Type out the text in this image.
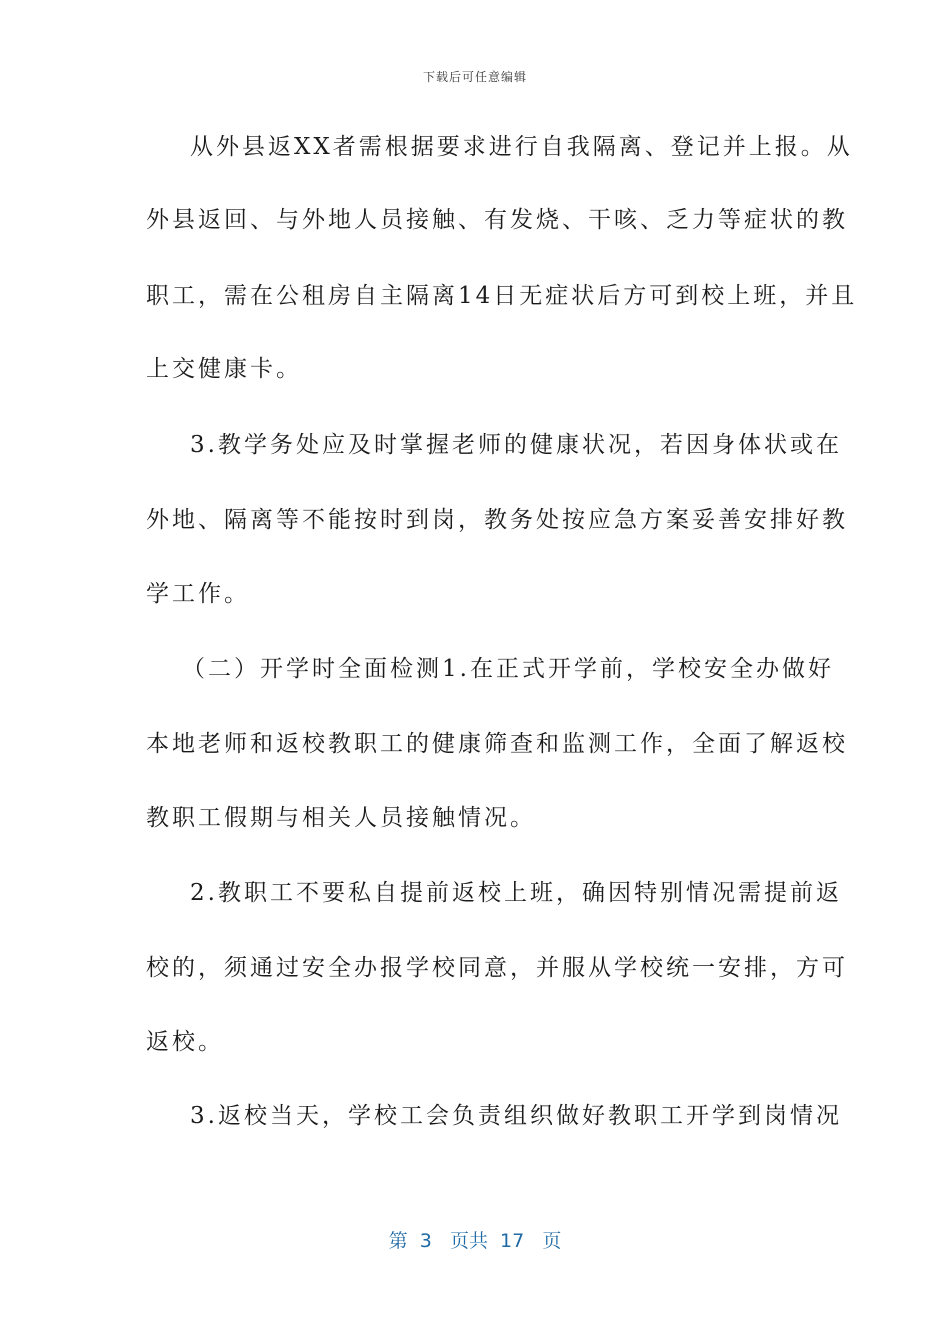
下载后可任意编辑
从外县返XX者需根据要求进行自我隔离、登记并上报。从
外县返回、与外地人员接触、有发烧、干咳、乏力等症状的教
职工，需在公租房自主隔离14日无症状后方可到校上班，并且
上交健康卡。
3.教学务处应及时掌握老师的健康状况，若因身体状或在
外地、隔离等不能按时到岗，教务处按应急方案妥善安排好教
学工作。
（二）开学时全面检测1.在正式开学前，学校安全办做好
本地老师和返校教职工的健康筛查和监测工作，全面了解返校
教职工假期与相关人员接触情况。
2.教职工不要私自提前返校上班，确因特别情况需提前返
校的，须通过安全办报学校同意，并服从学校统一安排，方可
返校。
3.返校当天，学校工会负责组织做好教职工开学到岗情况
第  3   页共  17   页
